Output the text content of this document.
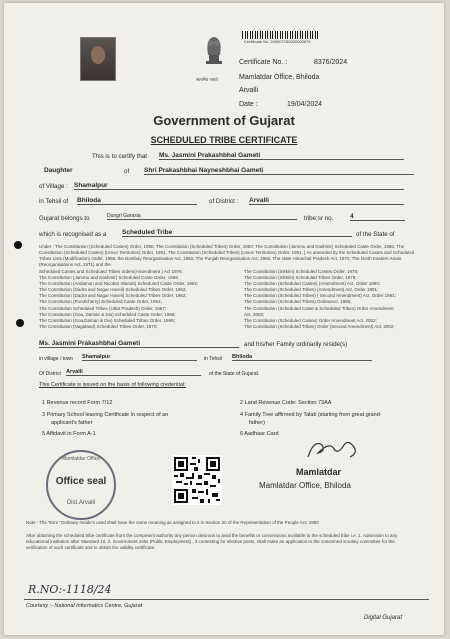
सत्यमेव जयते
Certificate No. 240007150000000879
Certificate No. :	8376/2024
Mamlatdar Office, Bhiloda
Arvalli
Date :	19/04/2024
Government of Gujarat
SCHEDULED TRIBE CERTIFICATE
This is to certify that Ms. Jasmini Prakashbhai Gameti
Daughter	of Shri Prakashbhai Nayneshbhai Gameti
of Village : Shamalpur
in Tehsil of Bhiloda	of District : Arvalli
Gujarat belongs to	Dungri Garasia	tribe;sr no.	4
which is recognised as a Scheduled Tribe	of the State of
Under : The Constitution (Scheduled Castes) Order, 1950; The Constitution (Scheduled Tribes) Order, 1950; The Constitution (Jammu and Kashmir) Scheduled Caste Order, 1956; The Constitution (Scheduled Castes) (Union Territories) Order, 1951, The Constitution (Scheduled Tribes) (Union Territories) Order, 1951, [ As amended by the Scheduled Castes and Scheduled Tribes Lists (Modification) Order, 1956, the Bombay Reorganisation Act, 1960, The Punjab Reorganisation Act, 1966, The state Himachal Pradesh Act, 1970, The North Eastern Areas (Reorganisations Act, 1971) and the
Scheduled Castes and Scheduled Tribes orders(Amendment ) Act 1976
The Constitution (Jammu and Kashmir) Scheduled Caste Order, 1956.
The Constitution (Andaman and Nicobar Islands) Scheduled Caste Order, 1962;
The Constitution (Dadra and Nagar Haveli) Scheduled Tribes Order, 1962;
The Constitution (Dadra and Nagar Haveli) Scheduled Tribes Order, 1962;
The Constitution (Pondicherry) Scheduled Caste Order, 1964;
The Constitution Scheduled Tribes (Uttar Pradesh) Order, 1967;
The Constitution (Goa, Daman & Diu) Scheduled Caste Order, 1968;
The Constitution (Goa,Daman & Diu) Scheduled Tribes Order, 1968;
The Constitution (Nagaland) Scheduled Tribes Order, 1970;
The Constitution (Sikkim) Scheduled Castes Order, 1978;
The Constitution (Sikkim) Scheduled Tribes Order, 1978;
The Constitution (Scheduled Castes) (Amendment) Act, Order 1990;
The Constitution (Scheduled Tribes) (Amendment) Act, Order 1991;
The Constitution (Scheduled Tribes) ( Second Amendment) Act, Order 1991;
The Constitution (Scheduled Tribes) Ordinance, 1996;
The Constitution (Scheduled Caste & Scheduled Tribes) Order Amendment
Act, 2002;
The Constitution (Scheduled Castes) Order Amendment Act, 2002;
The Constitution (Scheduled Tribes) Order (Second Amendment) Act, 2002;
Ms. Jasmini Prakashbhai Gameti	and his/her Family ordinarily reside(s)
in village / town Shamalpur	in Tehsil Bhiloda
Of District Arvalli	of the State of Gujarat.
This Certificate is issued on the basis of following credential:
1 Revenue record Form 7/12	2 Land Revenue Code: Section 73AA
3 Primary School leaving Certificate in respect of an
applicant's father
4 Family Tree affirmed by Talati (starting from great grand-
father)
5 Affidavit in Form A-1	6 Aadhaar Card
Mamlatdar Office
Office seal
Dist.Arvalli
Mamlatdar
Mamlatdar Office, Bhiloda
Note : The Term "Ordinary reside's used shall have the same meaning as assigned to it in Section 20 of the Representation of the People Act, 1950
After obtaining the scheduled tribe certificate from the competent authority any person desirous to avail the benefits or concessions available to the scheduled tribe i.e. 1. Admission to any educational institution after Standard 10, 2. Government Jobs (Public Employment) , 3.contesting for elective posts, shall make an application to the concerned scrutiny committee for the verification of such certificate and to obtain the validity certificate.
R.NO:-1118/24
Courtesy :- National Informatics Centre, Gujarat
Digital Gujarat
